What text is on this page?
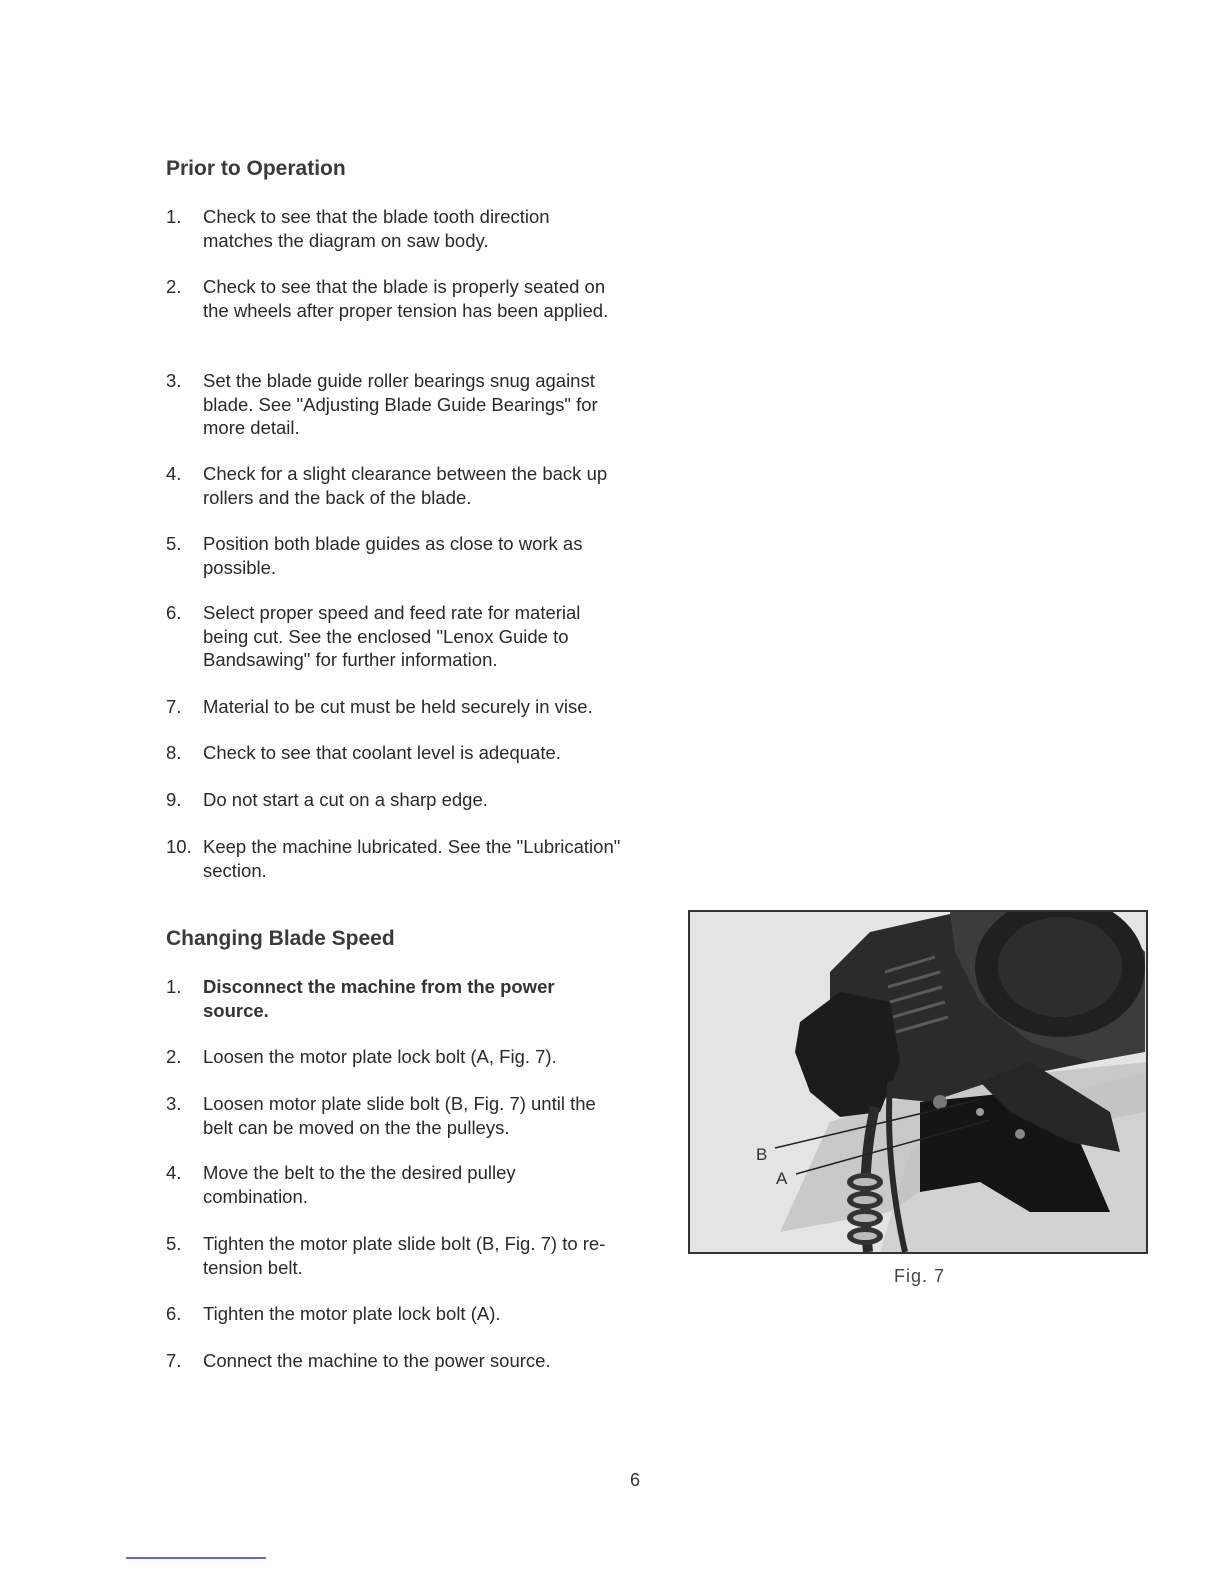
Prior to Operation
1.	Check to see that the blade tooth direction matches the diagram on saw body.
2.	Check to see that the blade is properly seated on the wheels after proper tension has been applied.
3.	Set the blade guide roller bearings snug against blade. See "Adjusting Blade Guide Bearings" for more detail.
4.	Check for a slight clearance between the back up rollers and the back of the blade.
5.	Position both blade guides as close to work as possible.
6.	Select proper speed and feed rate for material being cut. See the enclosed "Lenox Guide to Bandsawing" for further information.
7.	Material to be cut must be held securely in vise.
8.	Check to see that coolant level is adequate.
9.	Do not start a cut on a sharp edge.
10. Keep the machine lubricated. See the "Lubrication" section.
Changing Blade Speed
1.	Disconnect the machine from the power source.
2.	Loosen the motor plate lock bolt (A, Fig. 7).
3.	Loosen motor plate slide bolt (B, Fig. 7) until the belt can be moved on the the pulleys.
4.	Move the belt to the the desired pulley combination.
5.	Tighten the motor plate slide bolt (B, Fig. 7) to re-tension belt.
6.	Tighten the motor plate lock bolt (A).
7.	Connect the machine to the power source.
B
A
Fig. 7
6
